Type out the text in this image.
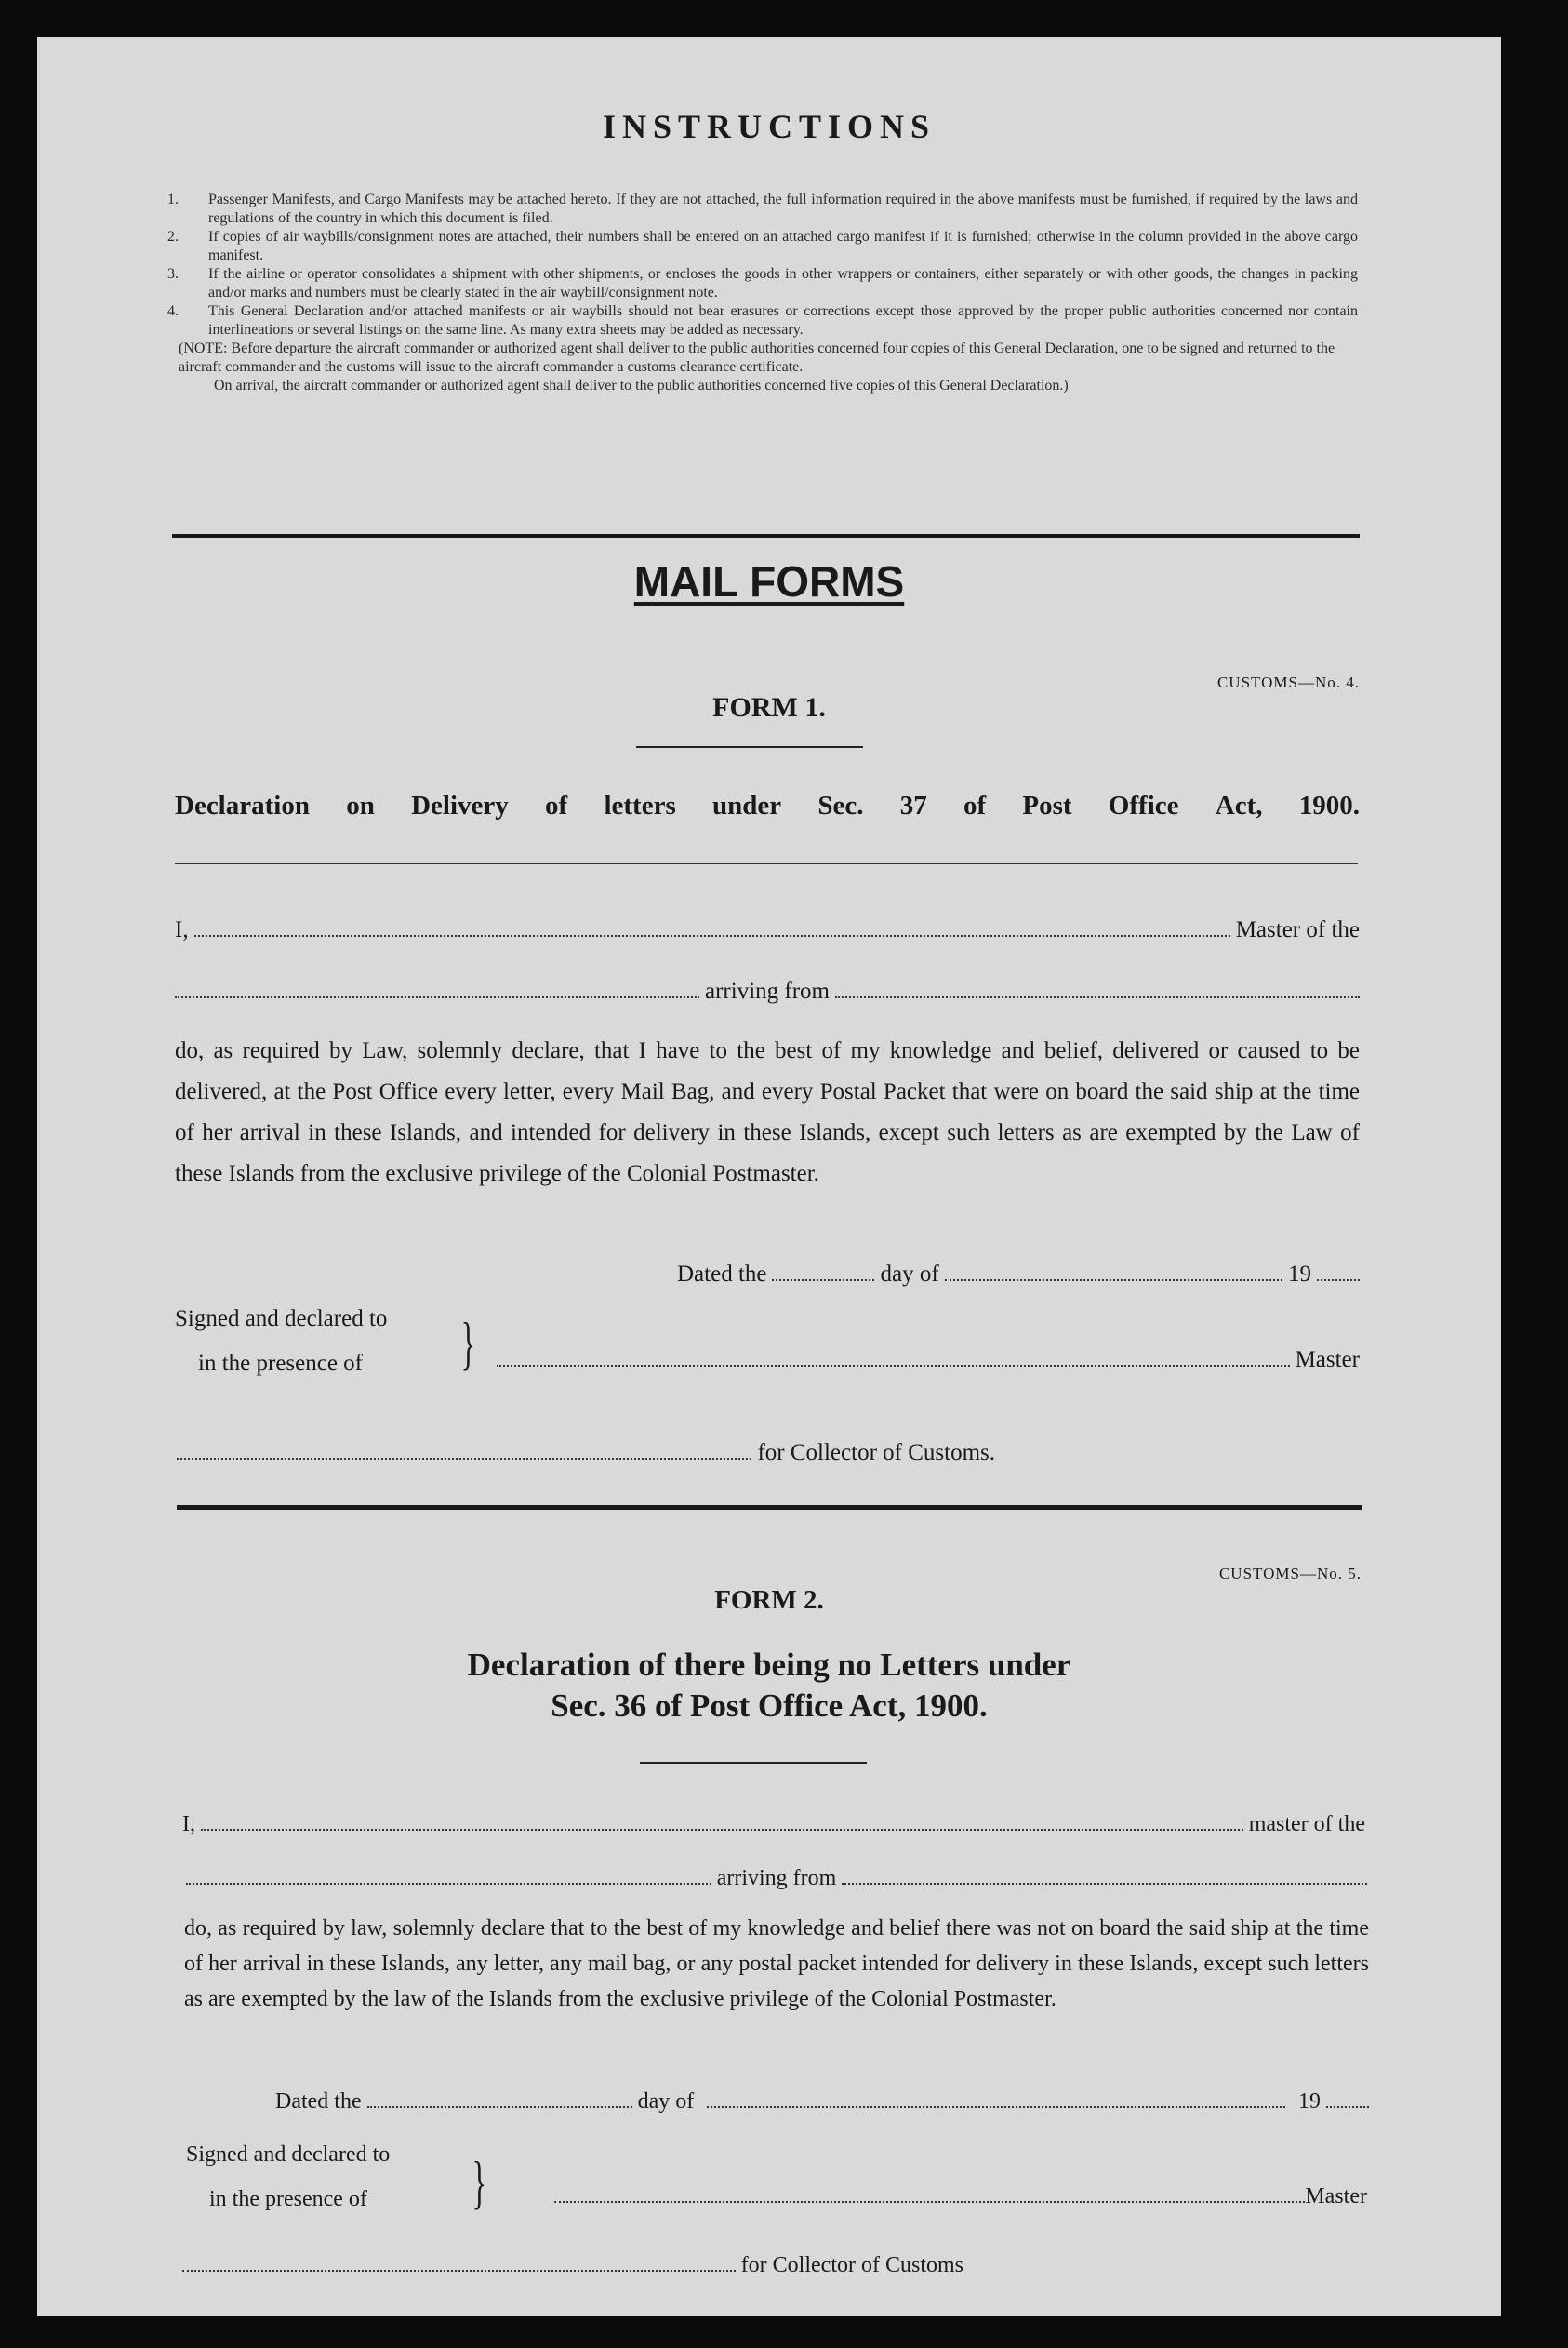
INSTRUCTIONS
1.	Passenger Manifests, and Cargo Manifests may be attached hereto. If they are not attached, the full information required in the above manifests must be furnished, if required by the laws and regulations of the country in which this document is filed.
2.	If copies of air waybills/consignment notes are attached, their numbers shall be entered on an attached cargo manifest if it is furnished; otherwise in the column provided in the above cargo manifest.
3.	If the airline or operator consolidates a shipment with other shipments, or encloses the goods in other wrappers or containers, either separately or with other goods, the changes in packing and/or marks and numbers must be clearly stated in the air waybill/consignment note.
4.	This General Declaration and/or attached manifests or air waybills should not bear erasures or corrections except those approved by the proper public authorities concerned nor contain interlineations or several listings on the same line. As many extra sheets may be added as necessary.
(NOTE: Before departure the aircraft commander or authorized agent shall deliver to the public authorities concerned four copies of this General Declaration, one to be signed and returned to the aircraft commander and the customs will issue to the aircraft commander a customs clearance certificate.
On arrival, the aircraft commander or authorized agent shall deliver to the public authorities concerned five copies of this General Declaration.)
MAIL FORMS
CUSTOMS—No. 4.
FORM 1.
Declaration on Delivery of letters under Sec. 37 of Post Office Act, 1900.
I,	Master of the
arriving from
do, as required by Law, solemnly declare, that I have to the best of my knowledge and belief, delivered or caused to be delivered, at the Post Office every letter, every Mail Bag, and every Postal Packet that were on board the said ship at the time of her arrival in these Islands, and intended for delivery in these Islands, except such letters as are exempted by the Law of these Islands from the exclusive privilege of the Colonial Postmaster.
Dated the	day of	19
Signed and declared to
in the presence of	}	Master
for Collector of Customs.
CUSTOMS—No. 5.
FORM 2.
Declaration of there being no Letters under
Sec. 36 of Post Office Act, 1900.
I,	master of the
arriving from
do, as required by law, solemnly declare that to the best of my knowledge and belief there was not on board the said ship at the time of her arrival in these Islands, any letter, any mail bag, or any postal packet intended for delivery in these Islands, except such letters as are exempted by the law of the Islands from the exclusive privilege of the Colonial Postmaster.
Dated the	day of	19
Signed and declared to
in the presence of	}	Master
for Collector of Customs
